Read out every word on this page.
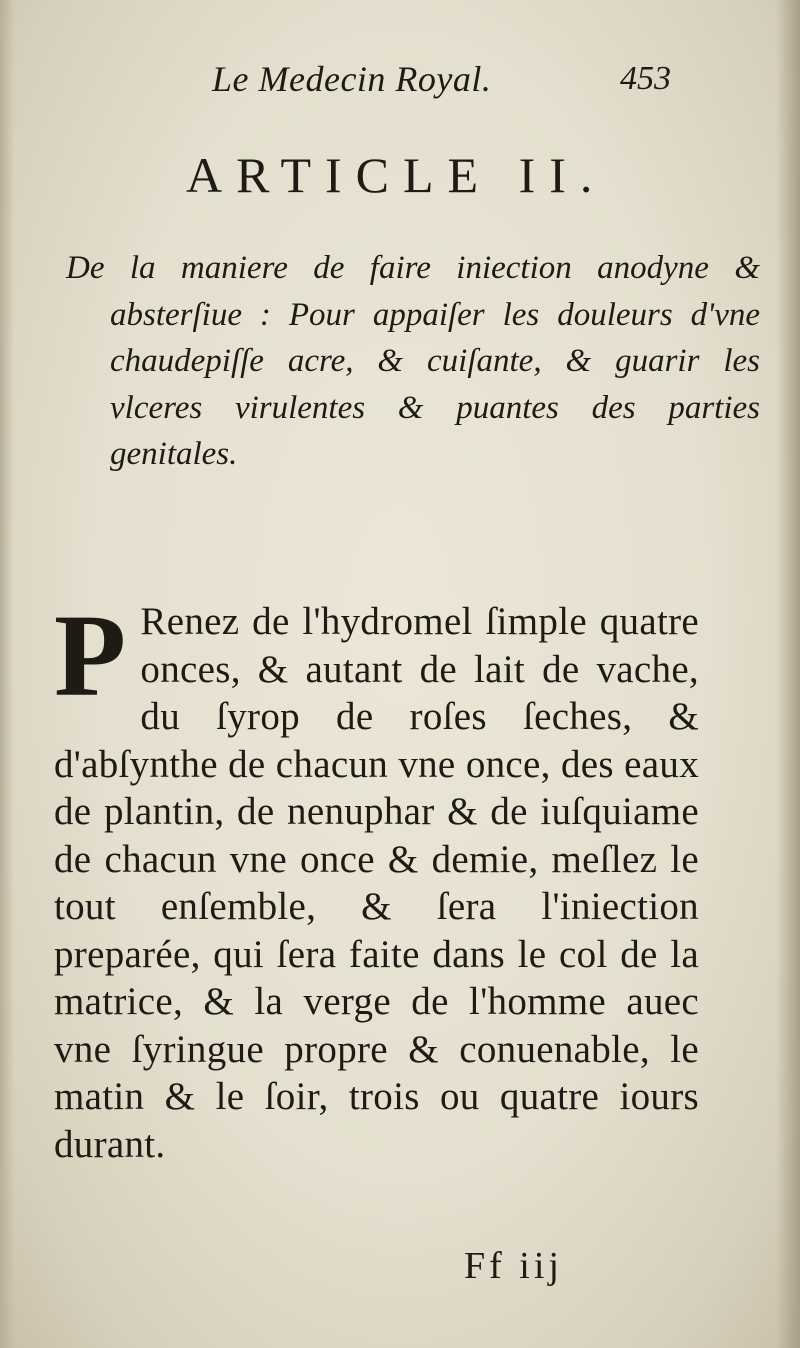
Le Medecin Royal.	453
ARTICLE II.

De la maniere de faire iniection anodyne & absterſiue : Pour appaiſer les douleurs d'vne chaudepiſſe acre, & cuiſante, & guarir les vlceres virulentes & puantes des parties genitales.

P Renez de l'hydromel ſimple quatre onces, & autant de lait de vache, du ſyrop de roſes ſeches, & d'abſynthe de chacun vne once, des eaux de plantin, de nenuphar & de iuſquiame de chacun vne once & demie, meſlez le tout enſemble, & ſera l'iniection preparée, qui ſera faite dans le col de la matrice, & la verge de l'homme auec vne ſyringue propre & conuenable, le matin & le ſoir, trois ou quatre iours durant.
Ff iij
